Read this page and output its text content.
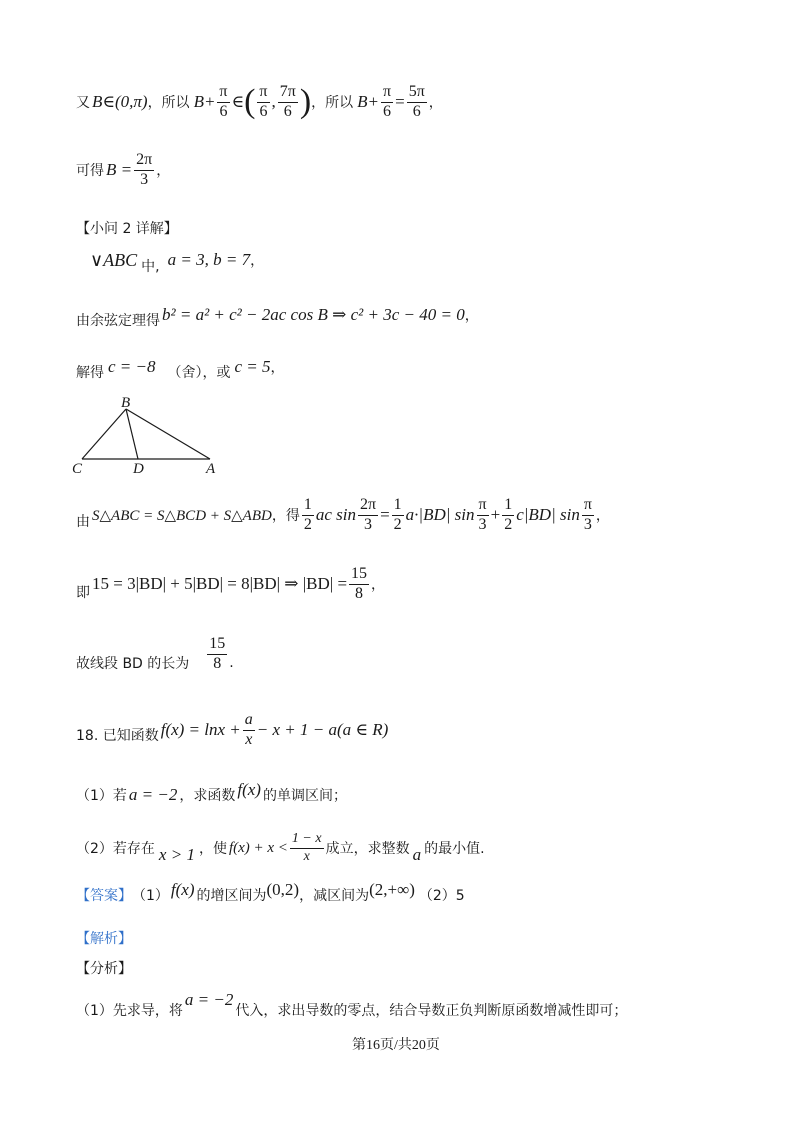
又 B∈(0,π) ，所以 $B+ \frac{\pi}{6}$ ∈ ( $\frac{\pi}{6}$ , $\frac{7\pi}{6}$ ) ，所以 $B+ \frac{\pi}{6} = \frac{5\pi}{6}$ ，
可得 $B = \frac{2\pi}{3}$ ，
【小问 2 详解】
∨ABC 中, a = 3, b = 7 ，
由余弦定理得 b² = a² + c² − 2ac cos B ⇒ c² + 3c − 40 = 0 ，
解得 c = −8 （舍），或 c = 5 ，
B
C	D	A
由 S△ABC = S△BCD + S△ABD ，得 $\frac{1}{2}$ ac $\sin \frac{2\pi}{3} = \frac{1}{2} a\cdot|BD|$ $\sin \frac{\pi}{3} + \frac{1}{2} c|BD|$ $\sin \frac{\pi}{3}$ ，
即 15 = 3|BD| + 5|BD| = 8|BD| ⇒ $|BD| = \frac{15}{8}$ ，
故线段 BD 的长为 $\frac{15}{8}$ .
18. 已知函数 $f(x) = \ln x + \frac{a}{x} - x + 1 - a(a$ ∈ R)
（1）若 a = −2 ，求函数 f(x) 的单调区间；
（2）若存在 x > 1 ，使 $f(x) + x < \frac{1 - x}{x}$ 成立，求整数 a 的最小值.
【答案】 （1） f(x) 的增区间为 (0,2) ，减区间为 (2,+∞) （2）5
【解析】
【分析】
（1）先求导，将
a = −2
代入，求出导数的零点，结合导数正负判断原函数增减性即可；
第16页/共20页
